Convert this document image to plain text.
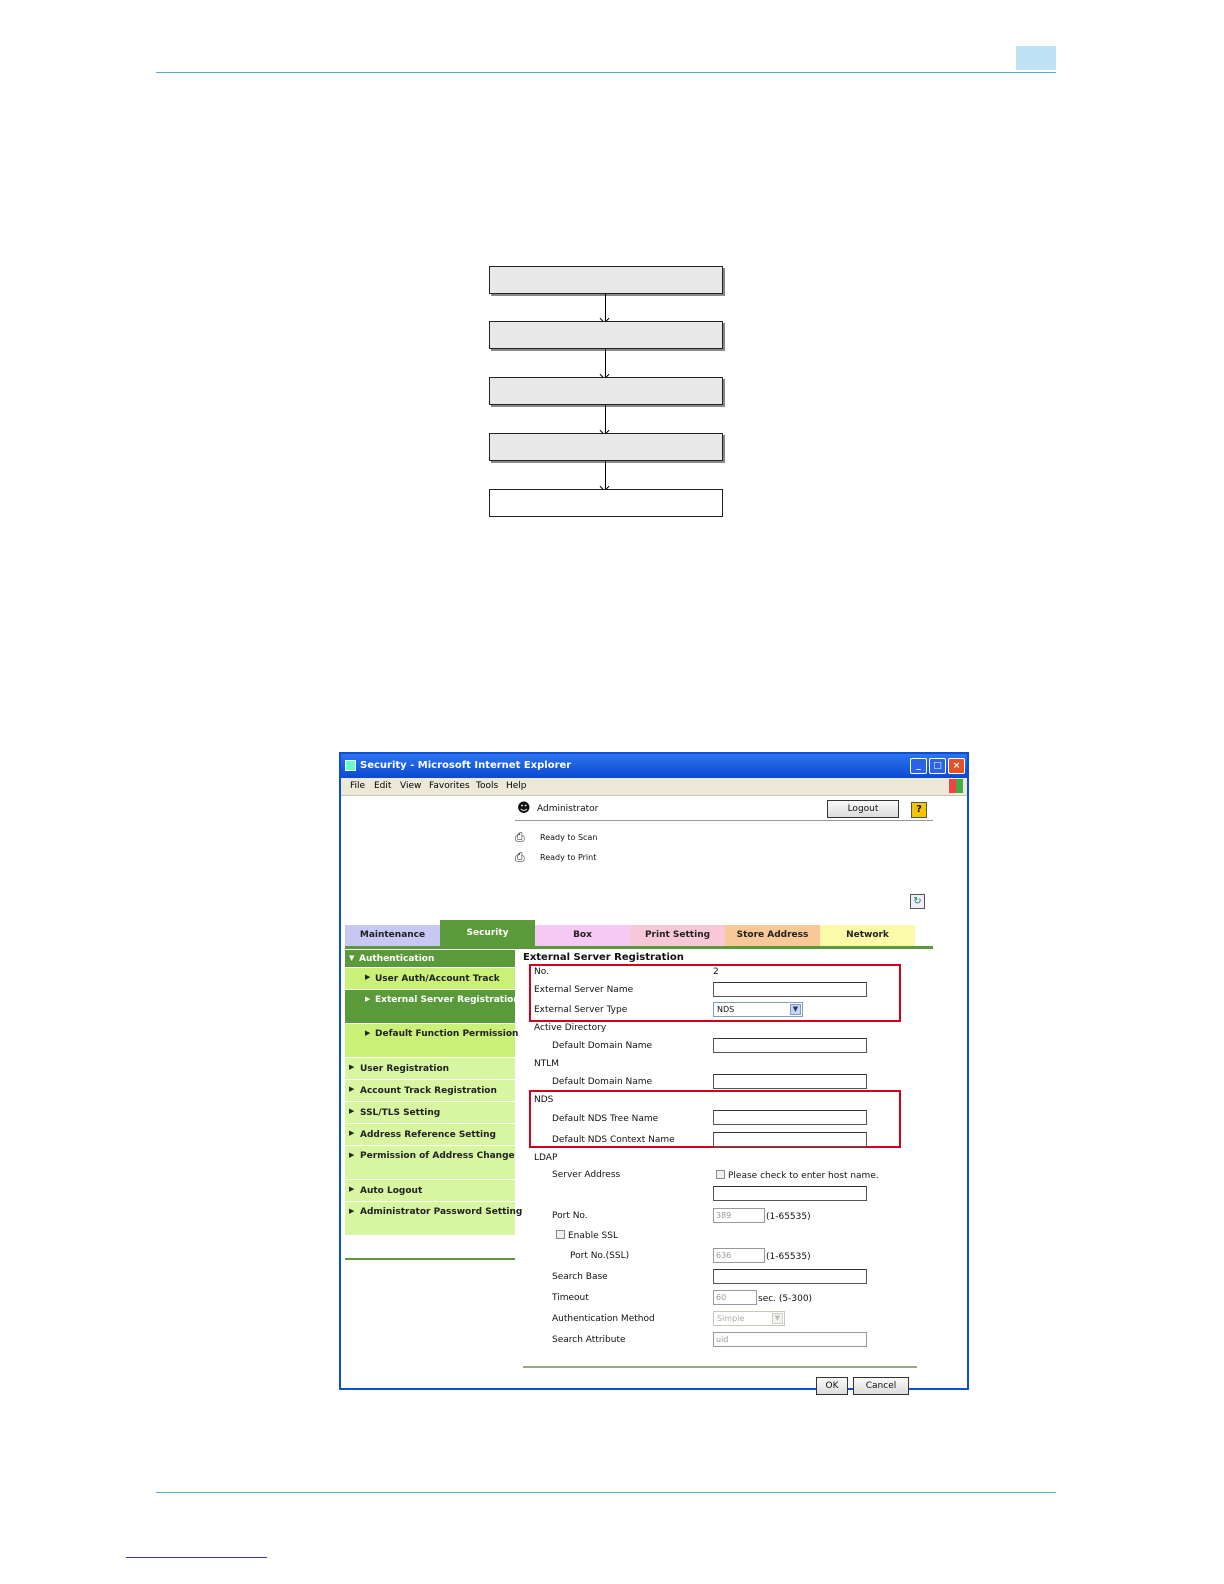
Security - Microsoft Internet Explorer	_	□	×
File Edit View Favorites Tools Help
☻ Administrator	Logout	?
⎙	Ready to Scan
⎙	Ready to Print
↻
Maintenance	Security	Box	Print Setting	Store Address	Network
▼ Authentication
▶ User Auth/Account Track
▶ External Server Registration
▶ Default Function Permission
▶ User Registration
▶ Account Track Registration
▶ SSL/TLS Setting
▶ Address Reference Setting
▶ Permission of Address Change
▶ Auto Logout
▶ Administrator Password Setting
External Server Registration
No.	2
External Server Name
External Server Type	NDS	▼
Active Directory
Default Domain Name
NTLM
Default Domain Name
NDS
Default NDS Tree Name
Default NDS Context Name
LDAP
Server Address	Please check to enter host name.
Port No.	389	(1-65535)
Enable SSL
Port No.(SSL)	636	(1-65535)
Search Base
Timeout	60	sec. (5-300)
Authentication Method	Simple	▼
Search Attribute	uid
OK	Cancel
